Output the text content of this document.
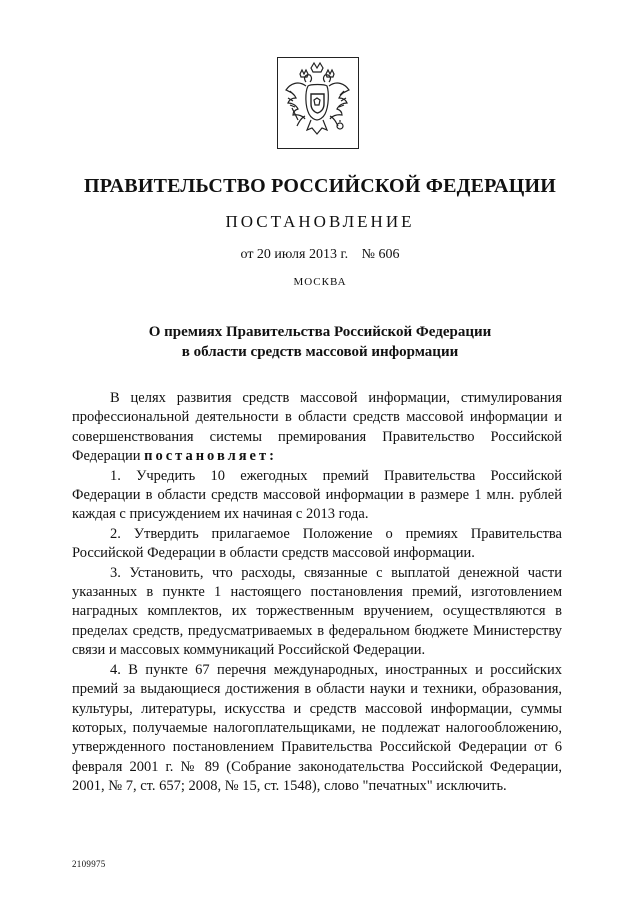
ПРАВИТЕЛЬСТВО РОССИЙСКОЙ ФЕДЕРАЦИИ
ПОСТАНОВЛЕНИЕ
от 20 июля 2013 г. № 606
МОСКВА
О премиях Правительства Российской Федерации
в области средств массовой информации

В целях развития средств массовой информации, стимулирования профессиональной деятельности в области средств массовой информации и совершенствования системы премирования Правительство Российской Федерации постановляет:

1. Учредить 10 ежегодных премий Правительства Российской Федерации в области средств массовой информации в размере 1 млн. рублей каждая с присуждением их начиная с 2013 года.

2. Утвердить прилагаемое Положение о премиях Правительства Российской Федерации в области средств массовой информации.

3. Установить, что расходы, связанные с выплатой денежной части указанных в пункте 1 настоящего постановления премий, изготовлением наградных комплектов, их торжественным вручением, осуществляются в пределах средств, предусматриваемых в федеральном бюджете Министерству связи и массовых коммуникаций Российской Федерации.

4. В пункте 67 перечня международных, иностранных и российских премий за выдающиеся достижения в области науки и техники, образования, культуры, литературы, искусства и средств массовой информации, суммы которых, получаемые налогоплательщиками, не подлежат налогообложению, утвержденного постановлением Правительства Российской Федерации от 6 февраля 2001 г. № 89 (Собрание законодательства Российской Федерации, 2001, № 7, ст. 657; 2008, № 15, ст. 1548), слово "печатных" исключить.

2109975
